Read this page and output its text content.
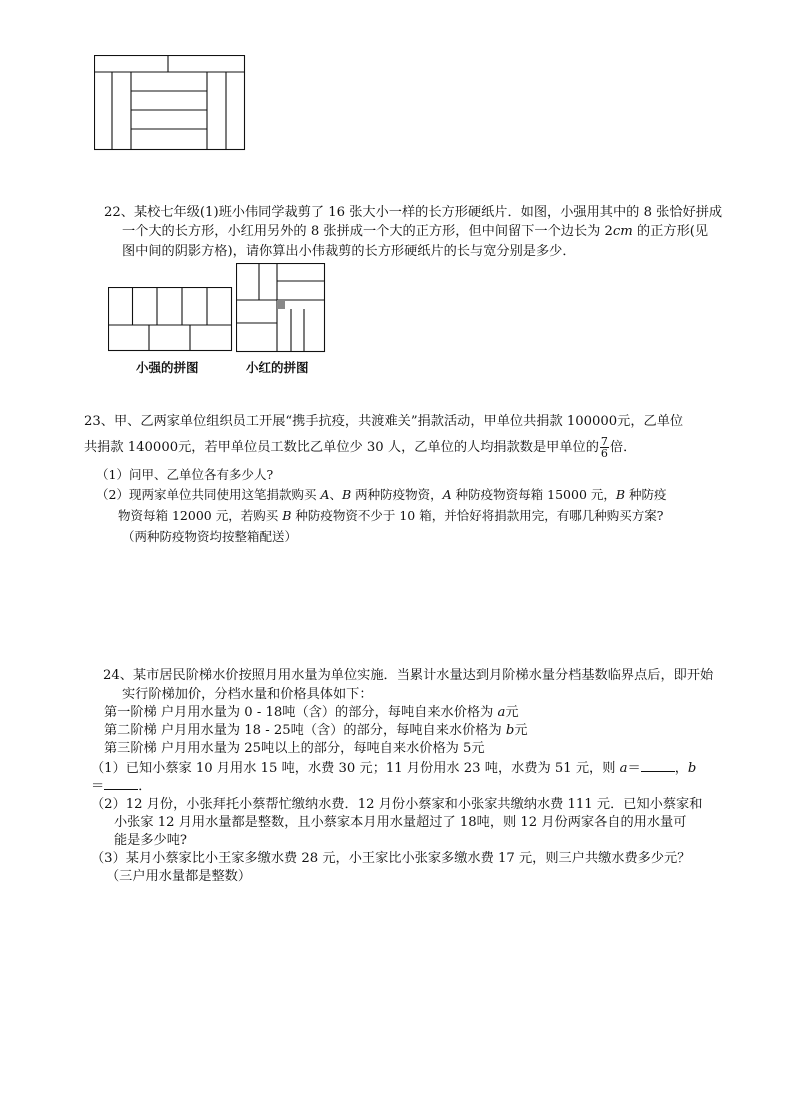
22、某校七年级(1)班小伟同学裁剪了 16 张大小一样的长方形硬纸片．如图，小强用其中的 8 张恰好拼成
一个大的长方形，小红用另外的 8 张拼成一个大的正方形，但中间留下一个边长为 2cm 的正方形(见
图中间的阴影方格)，请你算出小伟裁剪的长方形硬纸片的长与宽分别是多少．
小强的拼图	小红的拼图
23、甲、乙两家单位组织员工开展“携手抗疫，共渡难关”捐款活动，甲单位共捐款 100000元，乙单位
共捐款 140000元，若甲单位员工数比乙单位少 30 人，乙单位的人均捐款数是甲单位的 $\frac{7}{6}$ 倍．
（1）问甲、乙单位各有多少人?
（2）现两家单位共同使用这笔捐款购买 A、B 两种防疫物资，A 种防疫物资每箱 15000 元，B 种防疫
物资每箱 12000 元，若购买 B 种防疫物资不少于 10 箱，并恰好将捐款用完，有哪几种购买方案?
（两种防疫物资均按整箱配送）
24、某市居民阶梯水价按照月用水量为单位实施．当累计水量达到月阶梯水量分档基数临界点后，即开始
实行阶梯加价，分档水量和价格具体如下：
第一阶梯 户月用水量为 0 - 18吨（含）的部分，每吨自来水价格为 a元
第二阶梯 户月用水量为 18 - 25吨（含）的部分，每吨自来水价格为 b元
第三阶梯 户月用水量为 25吨以上的部分，每吨自来水价格为 5元
（1）已知小蔡家 10 月用水 15 吨，水费 30 元；11 月份用水 23 吨，水费为 51 元，则 a＝	，b
＝	．
（2）12 月份，小张拜托小蔡帮忙缴纳水费．12 月份小蔡家和小张家共缴纳水费 111 元．已知小蔡家和
小张家 12 月用水量都是整数，且小蔡家本月用水量超过了 18吨，则 12 月份两家各自的用水量可
能是多少吨?
（3）某月小蔡家比小王家多缴水费 28 元，小王家比小张家多缴水费 17 元，则三户共缴水费多少元？
（三户用水量都是整数）
